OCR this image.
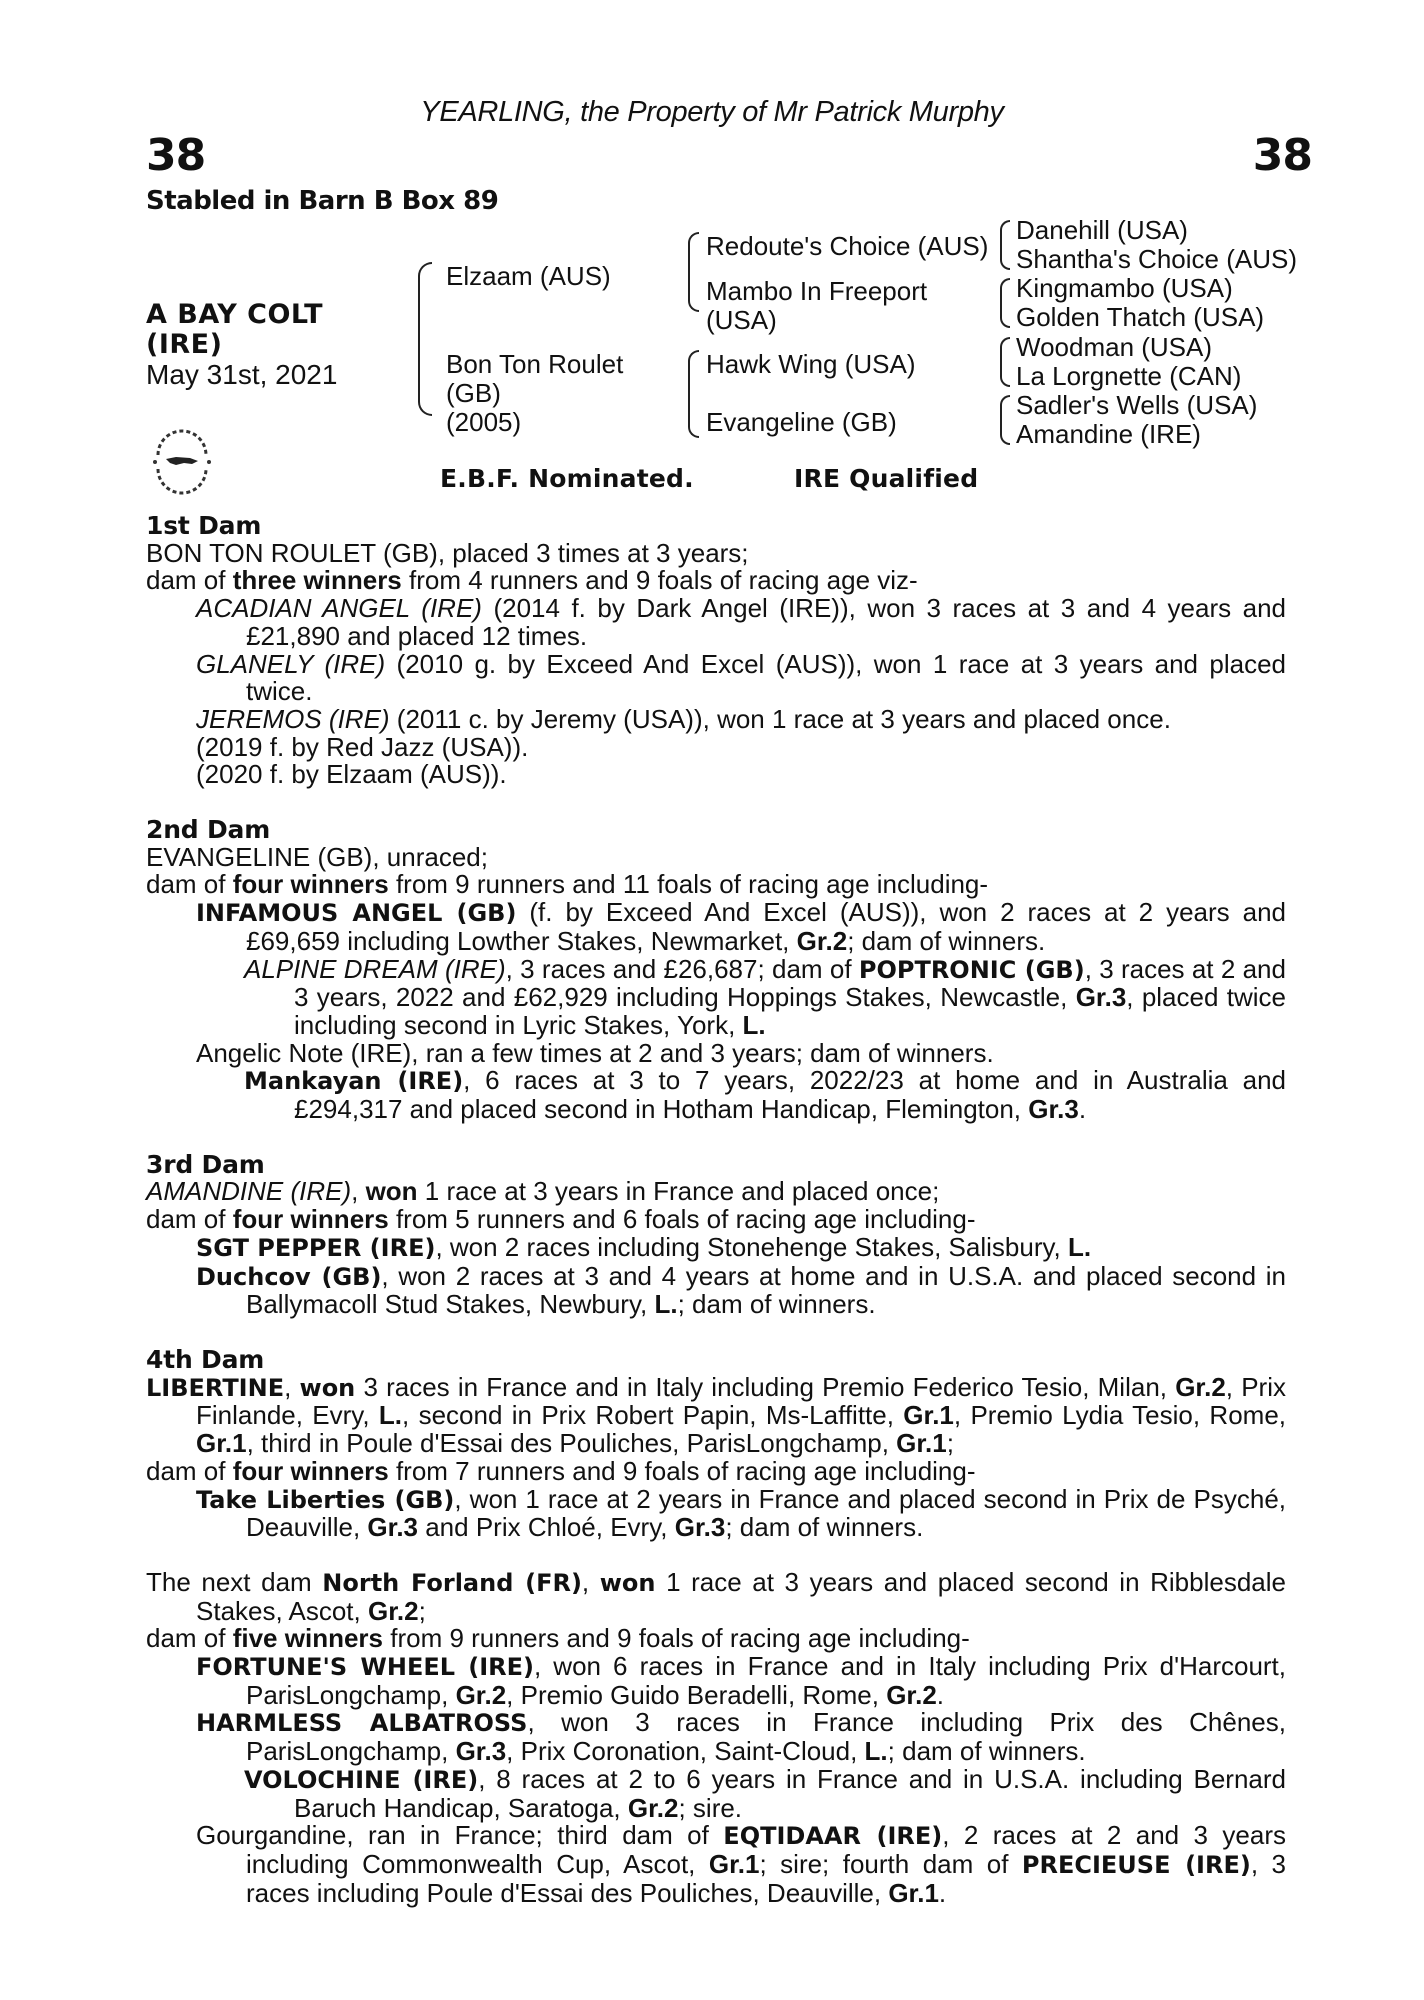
YEARLING, the Property of Mr Patrick Murphy
38	38
Stabled in Barn B Box 89
A BAY COLT
(IRE)
May 31st, 2021
Elzaam (AUS)
Bon Ton Roulet
(GB)
(2005)
Redoute's Choice (AUS)
Mambo In Freeport
(USA)
Hawk Wing (USA)
Evangeline (GB)
Danehill (USA)
Shantha's Choice (AUS)
Kingmambo (USA)
Golden Thatch (USA)
Woodman (USA)
La Lorgnette (CAN)
Sadler's Wells (USA)
Amandine (IRE)
E.B.F. Nominated.	IRE Qualified
1st Dam
BON TON ROULET (GB), placed 3 times at 3 years;
dam of three winners from 4 runners and 9 foals of racing age viz-
ACADIAN ANGEL (IRE) (2014 f. by Dark Angel (IRE)), won 3 races at 3 and 4 years and £21,890 and placed 12 times.
GLANELY (IRE) (2010 g. by Exceed And Excel (AUS)), won 1 race at 3 years and placed twice.
JEREMOS (IRE) (2011 c. by Jeremy (USA)), won 1 race at 3 years and placed once.
(2019 f. by Red Jazz (USA)).
(2020 f. by Elzaam (AUS)).
2nd Dam
EVANGELINE (GB), unraced;
dam of four winners from 9 runners and 11 foals of racing age including-
INFAMOUS ANGEL (GB) (f. by Exceed And Excel (AUS)), won 2 races at 2 years and £69,659 including Lowther Stakes, Newmarket, Gr.2; dam of winners.
ALPINE DREAM (IRE), 3 races and £26,687; dam of POPTRONIC (GB), 3 races at 2 and 3 years, 2022 and £62,929 including Hoppings Stakes, Newcastle, Gr.3, placed twice including second in Lyric Stakes, York, L.
Angelic Note (IRE), ran a few times at 2 and 3 years; dam of winners.
Mankayan (IRE), 6 races at 3 to 7 years, 2022/23 at home and in Australia and £294,317 and placed second in Hotham Handicap, Flemington, Gr.3.
3rd Dam
AMANDINE (IRE), won 1 race at 3 years in France and placed once;
dam of four winners from 5 runners and 6 foals of racing age including-
SGT PEPPER (IRE), won 2 races including Stonehenge Stakes, Salisbury, L.
Duchcov (GB), won 2 races at 3 and 4 years at home and in U.S.A. and placed second in Ballymacoll Stud Stakes, Newbury, L.; dam of winners.
4th Dam
LIBERTINE, won 3 races in France and in Italy including Premio Federico Tesio, Milan, Gr.2, Prix Finlande, Evry, L., second in Prix Robert Papin, Ms-Laffitte, Gr.1, Premio Lydia Tesio, Rome, Gr.1, third in Poule d'Essai des Pouliches, ParisLongchamp, Gr.1;
dam of four winners from 7 runners and 9 foals of racing age including-
Take Liberties (GB), won 1 race at 2 years in France and placed second in Prix de Psyché, Deauville, Gr.3 and Prix Chloé, Evry, Gr.3; dam of winners.
The next dam North Forland (FR), won 1 race at 3 years and placed second in Ribblesdale Stakes, Ascot, Gr.2;
dam of five winners from 9 runners and 9 foals of racing age including-
FORTUNE'S WHEEL (IRE), won 6 races in France and in Italy including Prix d'Harcourt, ParisLongchamp, Gr.2, Premio Guido Beradelli, Rome, Gr.2.
HARMLESS ALBATROSS, won 3 races in France including Prix des Chênes, ParisLongchamp, Gr.3, Prix Coronation, Saint-Cloud, L.; dam of winners.
VOLOCHINE (IRE), 8 races at 2 to 6 years in France and in U.S.A. including Bernard Baruch Handicap, Saratoga, Gr.2; sire.
Gourgandine, ran in France; third dam of EQTIDAAR (IRE), 2 races at 2 and 3 years including Commonwealth Cup, Ascot, Gr.1; sire; fourth dam of PRECIEUSE (IRE), 3 races including Poule d'Essai des Pouliches, Deauville, Gr.1.
